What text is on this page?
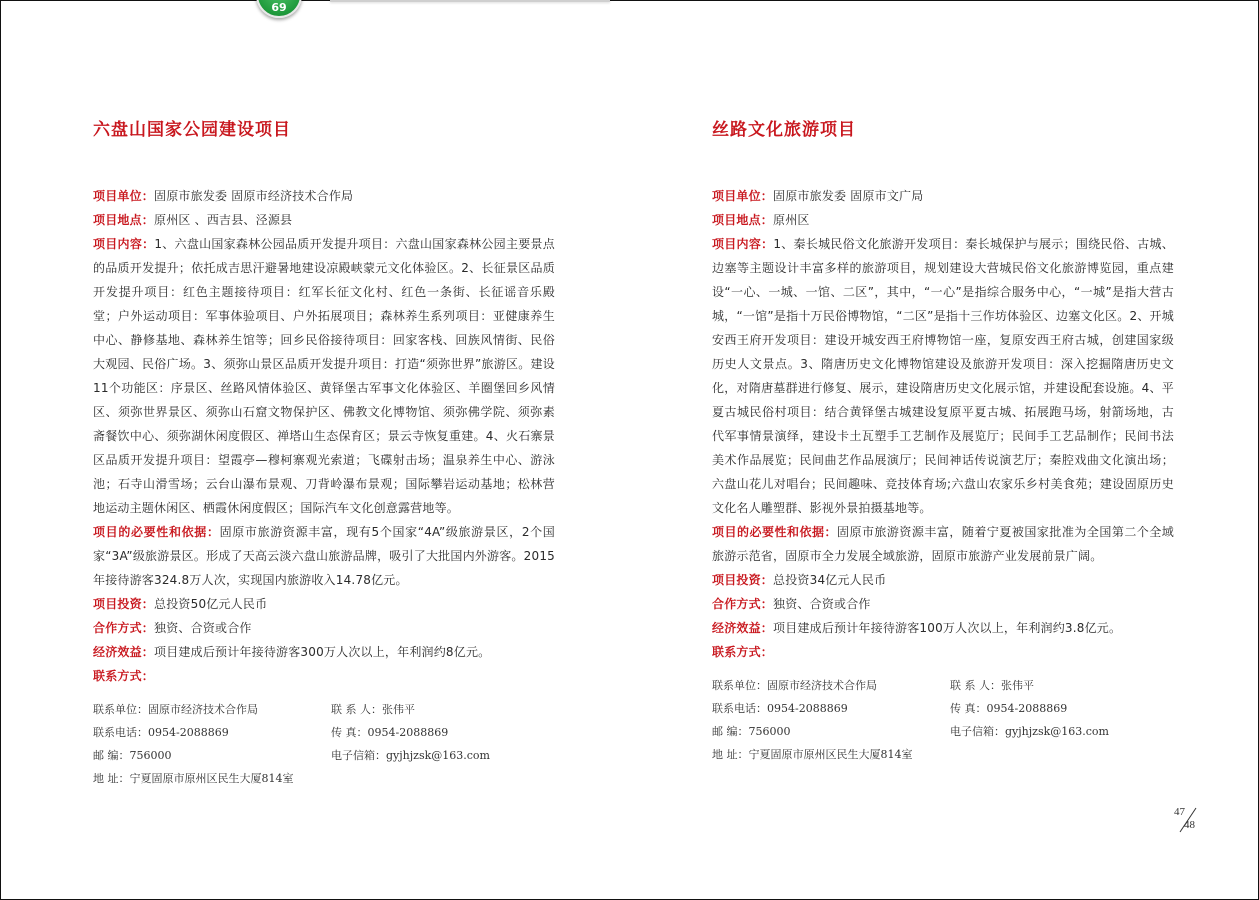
69
六盘山国家公园建设项目

项目单位：固原市旅发委 固原市经济技术合作局

项目地点：原州区 、西吉县、泾源县

项目内容：1、六盘山国家森林公园品质开发提升项目：六盘山国家森林公园主要景点的品质开发提升；依托成吉思汗避暑地建设凉殿峡蒙元文化体验区。2、长征景区品质开发提升项目：红色主题接待项目：红军长征文化村、红色一条街、长征谣音乐殿堂；户外运动项目：军事体验项目、户外拓展项目；森林养生系列项目：亚健康养生中心、静修基地、森林养生馆等；回乡民俗接待项目：回家客栈、回族风情街、民俗大观园、民俗广场。3、须弥山景区品质开发提升项目：打造“须弥世界”旅游区。建设11个功能区：序景区、丝路风情体验区、黄铎堡古军事文化体验区、羊圈堡回乡风情区、须弥世界景区、须弥山石窟文物保护区、佛教文化博物馆、须弥佛学院、须弥素斋餐饮中心、须弥湖休闲度假区、禅塔山生态保育区；景云寺恢复重建。4、火石寨景区品质开发提升项目：望霞亭—穆柯寨观光索道；飞碟射击场；温泉养生中心、游泳池；石寺山滑雪场；云台山瀑布景观、刀背岭瀑布景观；国际攀岩运动基地；松林营地运动主题休闲区、栖霞休闲度假区；国际汽车文化创意露营地等。

项目的必要性和依据：固原市旅游资源丰富，现有5个国家“4A”级旅游景区，2个国家“3A”级旅游景区。形成了天高云淡六盘山旅游品牌，吸引了大批国内外游客。2015年接待游客324.8万人次，实现国内旅游收入14.78亿元。

项目投资：总投资50亿元人民币

合作方式：独资、合资或合作

经济效益：项目建成后预计年接待游客300万人次以上，年利润约8亿元。

联系方式：

联系单位：固原市经济技术合作局	联 系 人：张伟平
联系电话：0954-2088869	传 真：0954-2088869
邮 编：756000	电子信箱：gyjhjzsk@163.com
地 址：宁夏固原市原州区民生大厦814室
丝路文化旅游项目

项目单位：固原市旅发委 固原市文广局

项目地点：原州区

项目内容：1、秦长城民俗文化旅游开发项目：秦长城保护与展示；围绕民俗、古城、边塞等主题设计丰富多样的旅游项目，规划建设大营城民俗文化旅游博览园，重点建设“一心、一城、一馆、二区”，其中，“一心”是指综合服务中心，“一城”是指大营古城，“一馆”是指十万民俗博物馆，“二区”是指十三作坊体验区、边塞文化区。2、开城安西王府开发项目：建设开城安西王府博物馆一座，复原安西王府古城，创建国家级历史人文景点。3、隋唐历史文化博物馆建设及旅游开发项目：深入挖掘隋唐历史文化，对隋唐墓群进行修复、展示，建设隋唐历史文化展示馆，并建设配套设施。4、平夏古城民俗村项目：结合黄铎堡古城建设复原平夏古城、拓展跑马场，射箭场地，古代军事情景演绎，建设卡土瓦塑手工艺制作及展览厅；民间手工艺品制作；民间书法美术作品展览；民间曲艺作品展演厅；民间神话传说演艺厅；秦腔戏曲文化演出场；六盘山花儿对唱台；民间趣味、竞技体育场;六盘山农家乐乡村美食苑；建设固原历史文化名人雕塑群、影视外景拍摄基地等。

项目的必要性和依据：固原市旅游资源丰富，随着宁夏被国家批准为全国第二个全域旅游示范省，固原市全力发展全域旅游，固原市旅游产业发展前景广阔。

项目投资：总投资34亿元人民币

合作方式：独资、合资或合作

经济效益：项目建成后预计年接待游客100万人次以上，年利润约3.8亿元。

联系方式：

联系单位：固原市经济技术合作局	联 系 人：张伟平
联系电话：0954-2088869	传 真：0954-2088869
邮 编：756000	电子信箱：gyjhjzsk@163.com
地 址：宁夏固原市原州区民生大厦814室
47
48
